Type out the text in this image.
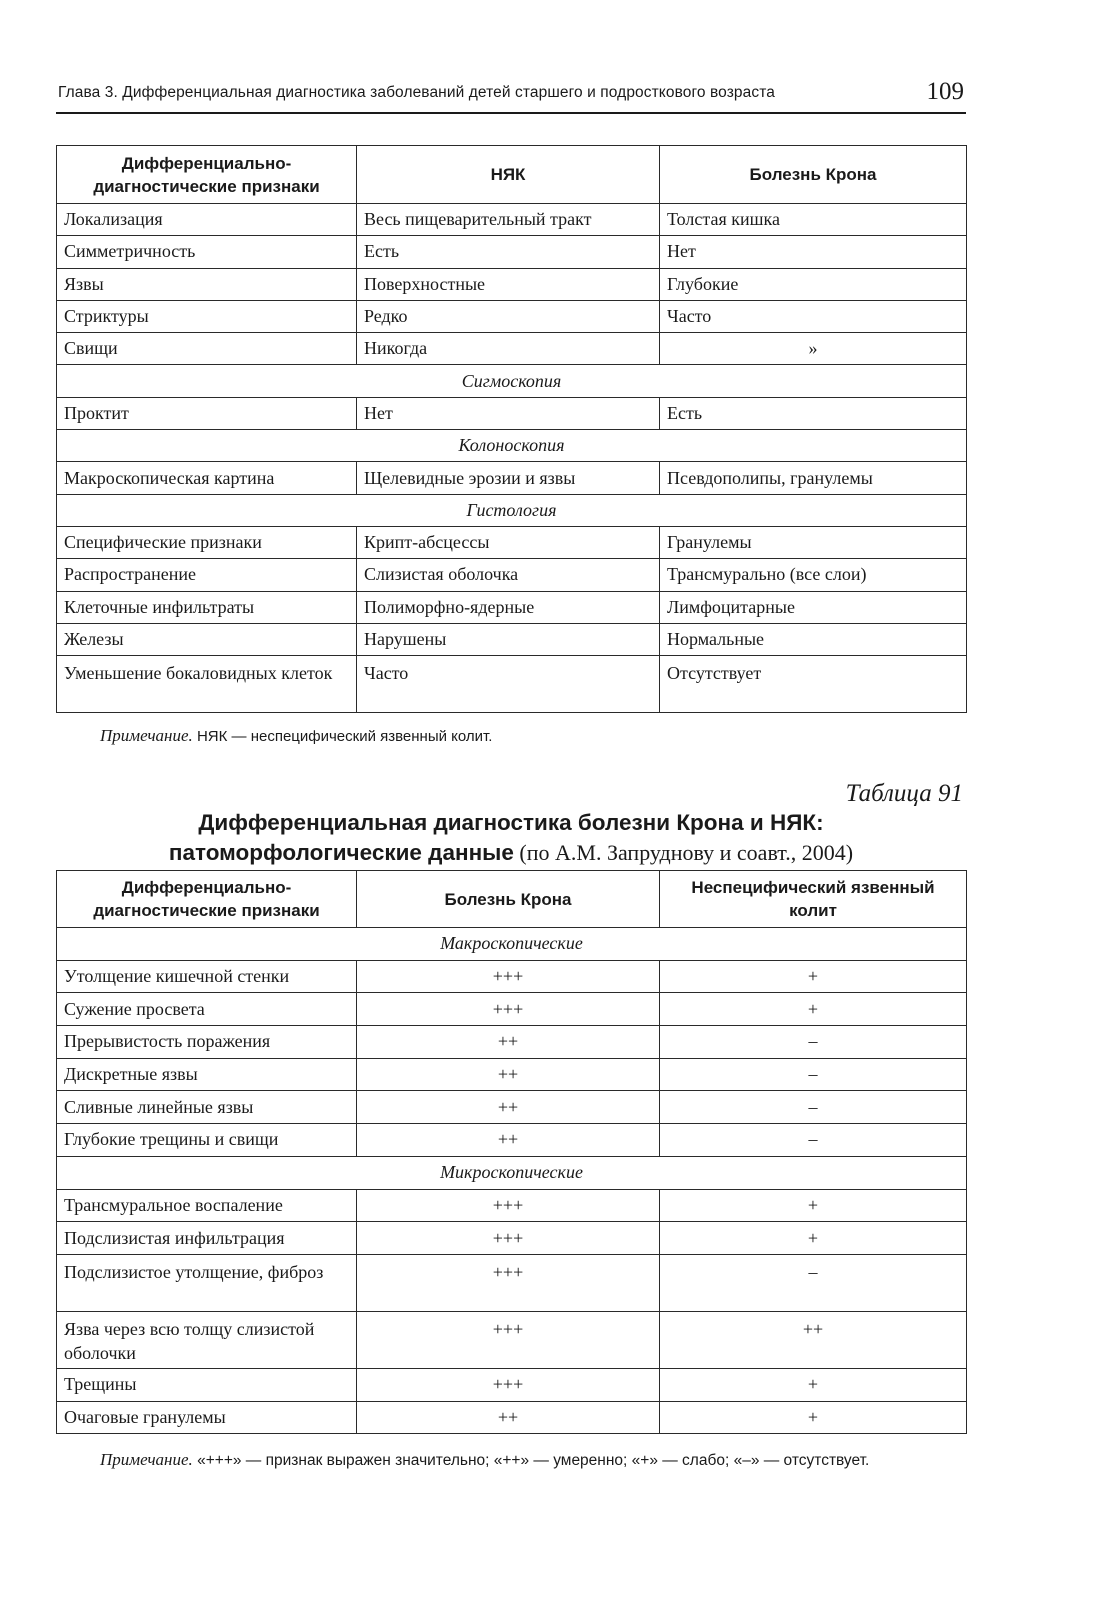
Глава 3. Дифференциальная диагностика заболеваний детей старшего и подросткового возраста	109
Дифференциально-диагностические признаки	НЯК	Болезнь Крона
Локализация	Весь пищеварительный тракт	Толстая кишка
Симметричность	Есть	Нет
Язвы	Поверхностные	Глубокие
Стриктуры	Редко	Часто
Свищи	Никогда	»
Сигмоскопия		
Проктит	Нет	Есть
Колоноскопия		
Макроскопическая картина	Щелевидные эрозии и язвы	Псевдополипы, гранулемы
Гистология		
Специфические признаки	Крипт-абсцессы	Гранулемы
Распространение	Слизистая оболочка	Трансмурально (все слои)
Клеточные инфильтраты	Полиморфно-ядерные	Лимфоцитарные
Железы	Нарушены	Нормальные
Уменьшение бокаловидных клеток	Часто	Отсутствует
Примечание. НЯК — неспецифический язвенный колит.
Таблица 91
Дифференциальная диагностика болезни Крона и НЯК:
патоморфологические данные (по А.М. Запруднову и соавт., 2004)
Дифференциально-диагностические признаки	Болезнь Крона	Неспецифический язвенный колит
Макроскопические		
Утолщение кишечной стенки	+++	+
Сужение просвета	+++	+
Прерывистость поражения	++	–
Дискретные язвы	++	–
Сливные линейные язвы	++	–
Глубокие трещины и свищи	++	–
Микроскопические		
Трансмуральное воспаление	+++	+
Подслизистая инфильтрация	+++	+
Подслизистое утолщение, фиброз	+++	–
Язва через всю толщу слизистой оболочки	+++	++
Трещины	+++	+
Очаговые гранулемы	++	+
Примечание. «+++» — признак выражен значительно; «++» — умеренно; «+» — слабо; «–» — отсутствует.
